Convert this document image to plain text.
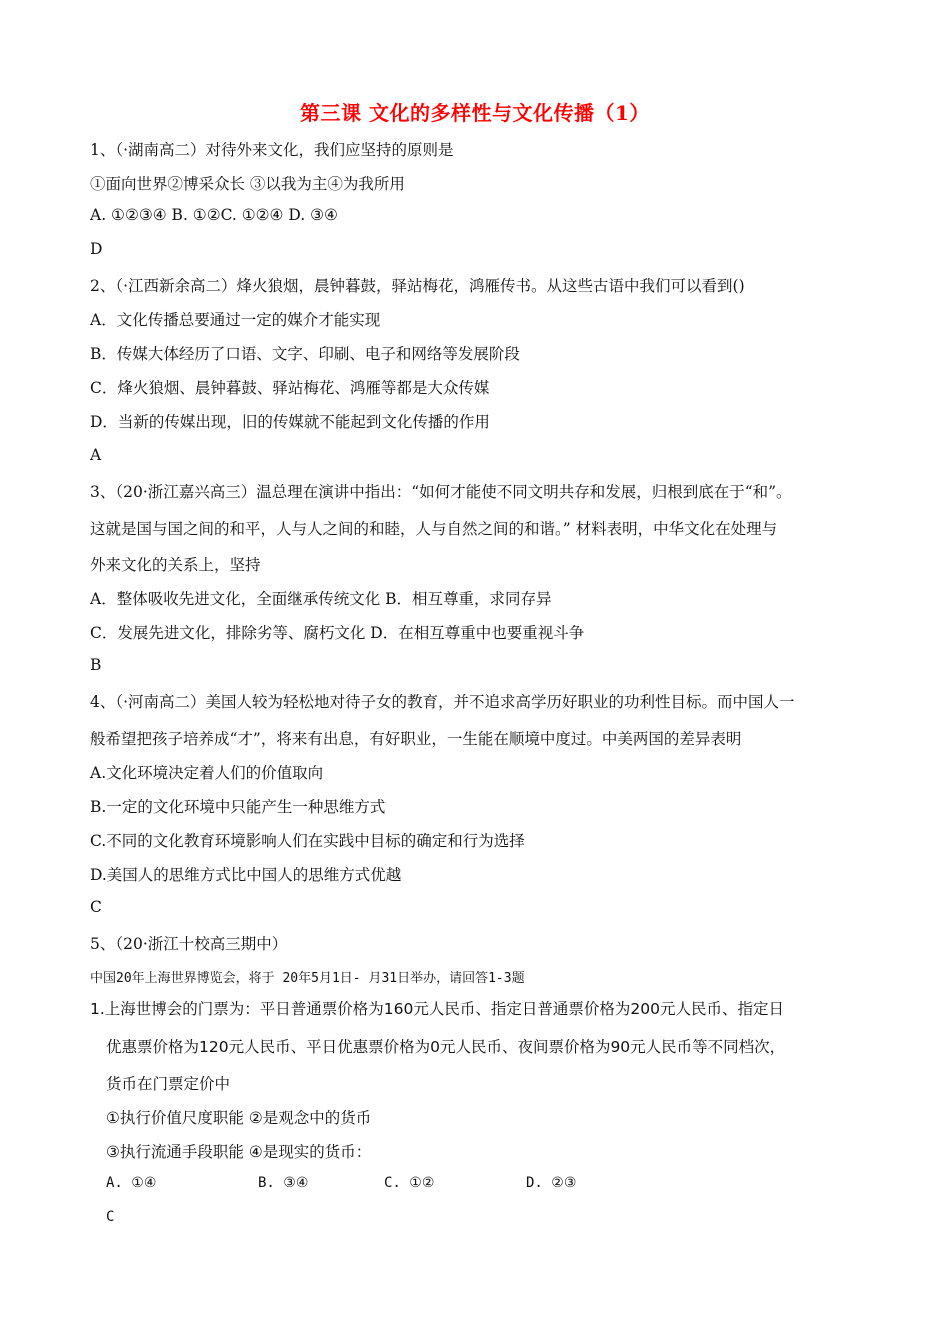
第三课 文化的多样性与文化传播（1）
1、（·湖南高二）对待外来文化，我们应坚持的原则是
①面向世界②博采众长 ③以我为主④为我所用
A. ①②③④ B. ①②C. ①②④ D. ③④
D
2、（·江西新余高二）烽火狼烟，晨钟暮鼓，驿站梅花，鸿雁传书。从这些古语中我们可以看到()
A．文化传播总要通过一定的媒介才能实现
B．传媒大体经历了口语、文字、印刷、电子和网络等发展阶段
C．烽火狼烟、晨钟暮鼓、驿站梅花、鸿雁等都是大众传媒
D．当新的传媒出现，旧的传媒就不能起到文化传播的作用
A
3、（20·浙江嘉兴高三）温总理在演讲中指出：“如何才能使不同文明共存和发展，归根到底在于“和”。
这就是国与国之间的和平，人与人之间的和睦，人与自然之间的和谐。” 材料表明，中华文化在处理与
外来文化的关系上，坚持
A．整体吸收先进文化，全面继承传统文化 B．相互尊重，求同存异
C．发展先进文化，排除劣等、腐朽文化 D．在相互尊重中也要重视斗争
B
4、（·河南高二）美国人较为轻松地对待子女的教育，并不追求高学历好职业的功利性目标。而中国人一
般希望把孩子培养成“才”，将来有出息，有好职业，一生能在顺境中度过。中美两国的差异表明
A.文化环境决定着人们的价值取向
B.一定的文化环境中只能产生一种思维方式
C.不同的文化教育环境影响人们在实践中目标的确定和行为选择
D.美国人的思维方式比中国人的思维方式优越
C
5、（20·浙江十校高三期中）
中国20年上海世界博览会，将于 20年5月1日- 月31日举办，请回答1-3题
1.上海世博会的门票为：平日普通票价格为160元人民币、指定日普通票价格为200元人民币、指定日
优惠票价格为120元人民币、平日优惠票价格为0元人民币、夜间票价格为90元人民币等不同档次，
货币在门票定价中
①执行价值尺度职能 ②是观念中的货币
③执行流通手段职能 ④是现实的货币：
A. ①④	B. ③④	C. ①②	D. ②③
C
